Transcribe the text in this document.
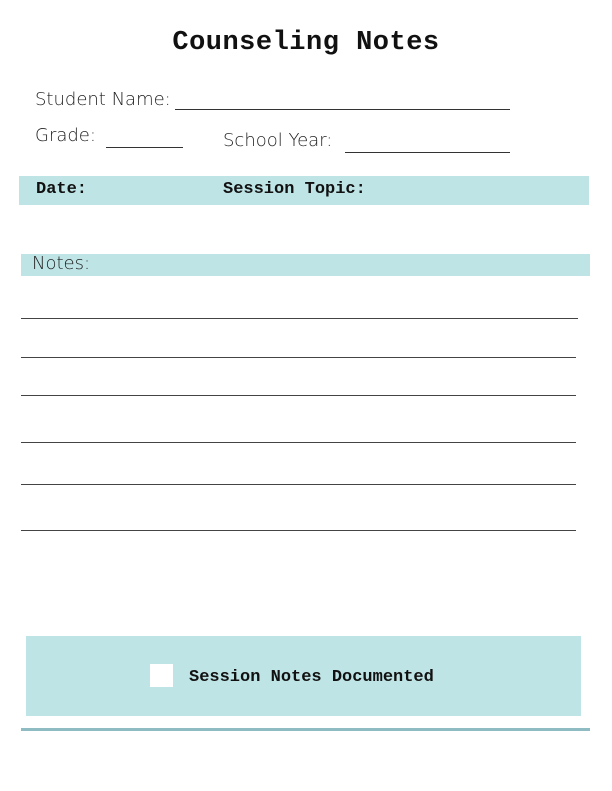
Counseling Notes
Student Name:
Grade:	School Year:
Date:	Session Topic:
Notes:
Session Notes Documented
